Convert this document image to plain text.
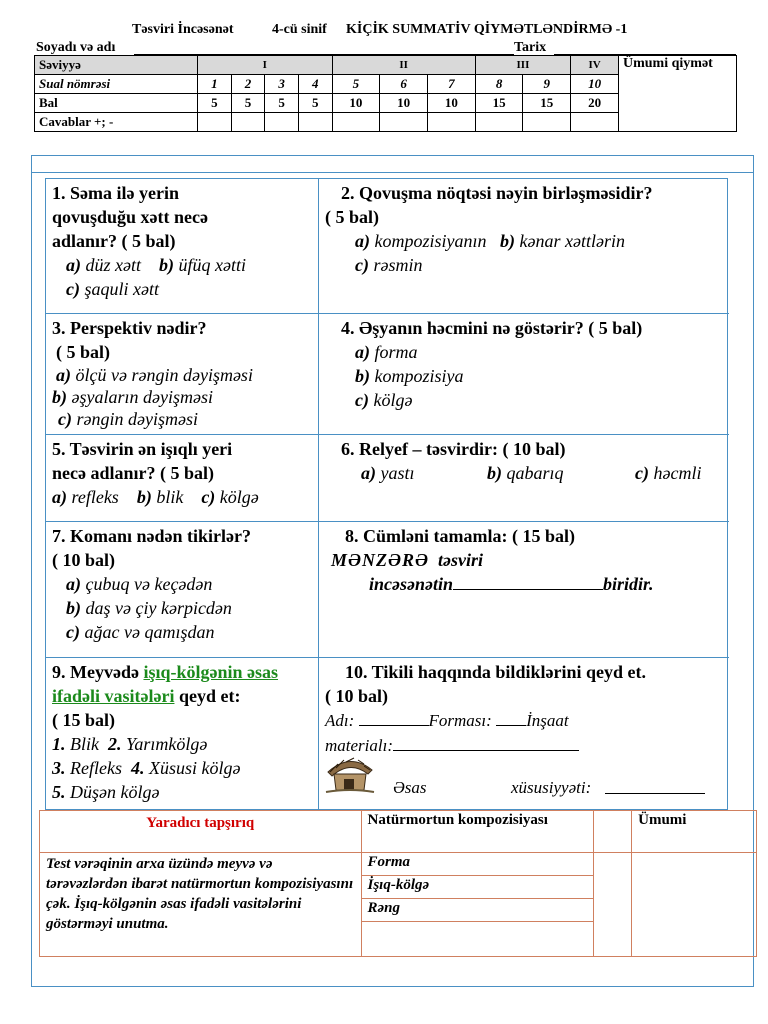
Təsviri İncəsənət	4-cü sinif KİÇİK SUMMATİV QİYMƏTLƏNDİRMƏ -1
Soyadı və adı	Tarix
Səviyyə	I				II			III		IV	Ümumi qiymət
Sual nömrəsi	1	2	3	4	5	6	7	8	9	10	
Bal	5	5	5	5	10	10	10	15	15	20	
Cavablar +; -											
1. Səma ilə yerin
qovuşduğu xətt necə
adlanır? ( 5 bal)
a) düz xətt b) üfüq xətti
c) şaquli xətt
2. Qovuşma nöqtəsi nəyin birləşməsidir?
( 5 bal)
a) kompozisiyanın b) kənar xəttlərin
c) rəsmin
3. Perspektiv nədir?
( 5 bal)
a) ölçü və rəngin dəyişməsi
b) əşyaların dəyişməsi
c) rəngin dəyişməsi
4. Əşyanın həcmini nə göstərir? ( 5 bal)
a) forma
b) kompozisiya
c) kölgə
5. Təsvirin ən işıqlı yeri
necə adlanır? ( 5 bal)
a) refleks b) blik c) kölgə
6. Relyef – təsvirdir: ( 10 bal)
a) yastı	b) qabarıq	c) həcmli
7. Komanı nədən tikirlər?
( 10 bal)
a) çubuq və keçədən
b) daş və çiy kərpicdən
c) ağac və qamışdan
8. Cümləni tamamla: ( 15 bal)
MƏNZƏRƏ təsviri
incəsənətin	biridir.
9. Meyvədə işıq-kölgənin əsas
ifadəli vasitələri qeyd et:
( 15 bal)
1. Blik 2. Yarımkölgə
3. Refleks 4. Xüsusi kölgə
5. Düşən kölgə
10. Tikili haqqında bildiklərini qeyd et.
( 10 bal)
Adı:	Forması: İnşaat
materialı:
Əsas	xüsusiyyəti:
Yaradıcı tapşırıq	Natürmortun kompozisiyası		Ümumi
Test vərəqinin arxa üzündə meyvə və tərəvəzlərdən ibarət natürmortun kompozisiyasını çək. İşıq-kölgənin əsas ifadəli vasitələrini göstərməyi unutma.	Forma		
	İşıq-kölgə		
	Rəng		
